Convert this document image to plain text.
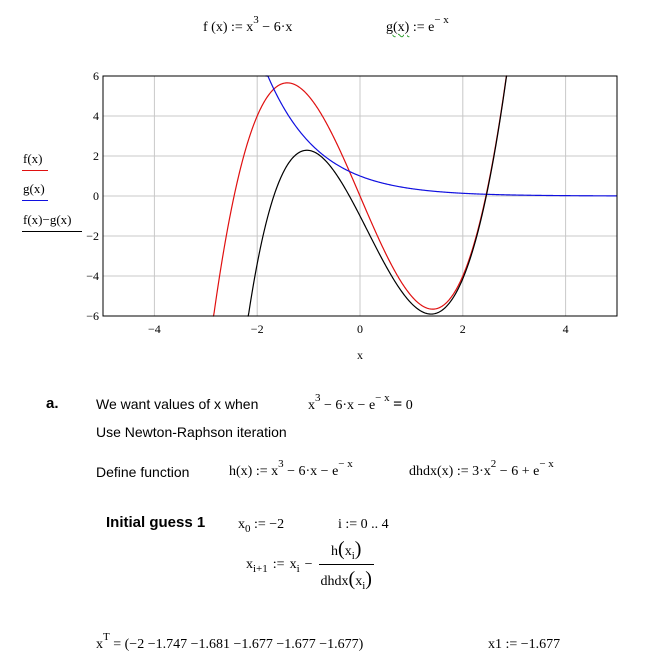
f (x) := $x^3 - 6\cdot x$	g(x) := $e^{- x}$
6
4
2
0
−2
−4
−6
−4	−2	0	2	4
x
f(x)
g(x)
f(x)−g(x)
a.	We want values of x when	$x^3 - 6\cdot x - e^{- x} = 0$
Use Newton-Raphson iteration
Define function	h(x) := $x^3 - 6\cdot x - e^{- x}$	dhdx(x) := $3\cdot x^2 - 6 + e^{- x}$
Initial guess 1 $x_0$ := −2	i := 0 .. 4
$x_{i+1}$ := $x_i - \frac{h(x_i)}{dhdx(x_i)}$
$x^T = (-2 -1.747 -1.681 -1.677 -1.677 -1.677)$	x1 := −1.677
